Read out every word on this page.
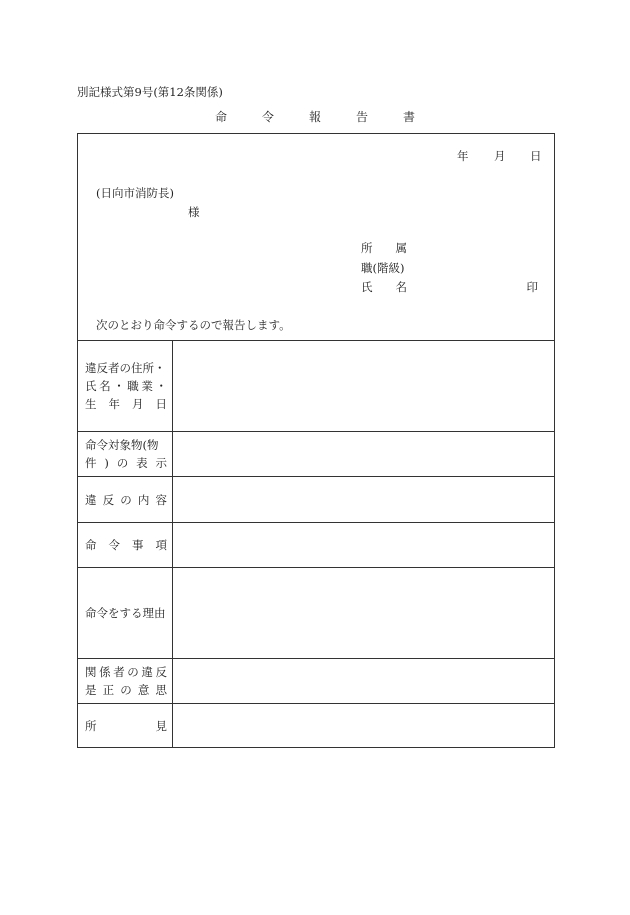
別記様式第9号(第12条関係)
命	令	報	告	書
年 月 日
(日向市消防長)
様
所 属
職(階級)
氏 名	印
次のとおり命令するので報告します。
違反者の住所・
氏 名 ・ 職 業 ・
生 年 月 日
命令対象物(物
件 ) の 表 示
違 反 の 内 容
命 令 事 項
命令をする理由
関 係 者 の 違 反
是 正 の 意 思
所	見
